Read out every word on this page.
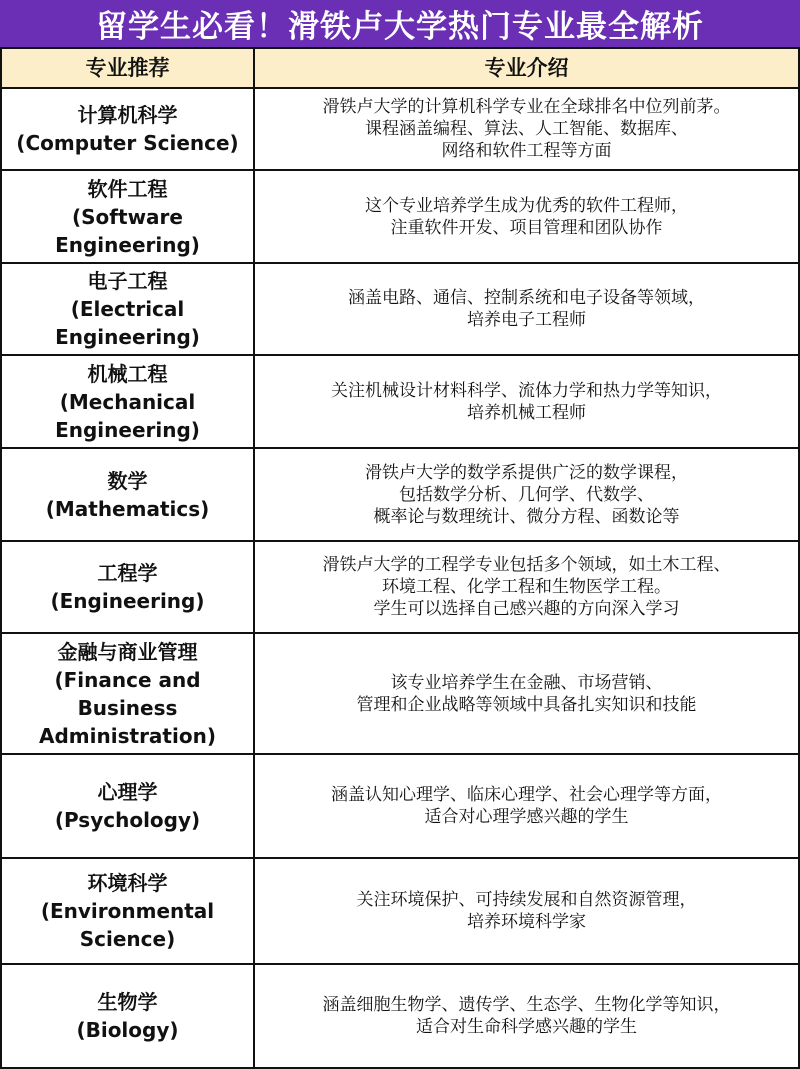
留学生必看！滑铁卢大学热门专业最全解析
专业推荐	专业介绍

计算机科学
(Computer Science)	滑铁卢大学的计算机科学专业在全球排名中位列前茅。
课程涵盖编程、算法、人工智能、数据库、
网络和软件工程等方面

软件工程
(Software
Engineering)	这个专业培养学生成为优秀的软件工程师，
注重软件开发、项目管理和团队协作

电子工程
(Electrical
Engineering)	涵盖电路、通信、控制系统和电子设备等领域，
培养电子工程师

机械工程
(Mechanical
Engineering)	关注机械设计材料科学、流体力学和热力学等知识，
培养机械工程师

数学
(Mathematics)	滑铁卢大学的数学系提供广泛的数学课程，
包括数学分析、几何学、代数学、
概率论与数理统计、微分方程、函数论等

工程学
(Engineering)	滑铁卢大学的工程学专业包括多个领域，如土木工程、
环境工程、化学工程和生物医学工程。
学生可以选择自己感兴趣的方向深入学习

金融与商业管理
(Finance and
Business
Administration)	该专业培养学生在金融、市场营销、
管理和企业战略等领域中具备扎实知识和技能

心理学
(Psychology)	涵盖认知心理学、临床心理学、社会心理学等方面，
适合对心理学感兴趣的学生

环境科学
(Environmental
Science)	关注环境保护、可持续发展和自然资源管理，
培养环境科学家

生物学
(Biology)	涵盖细胞生物学、遗传学、生态学、生物化学等知识，
适合对生命科学感兴趣的学生
